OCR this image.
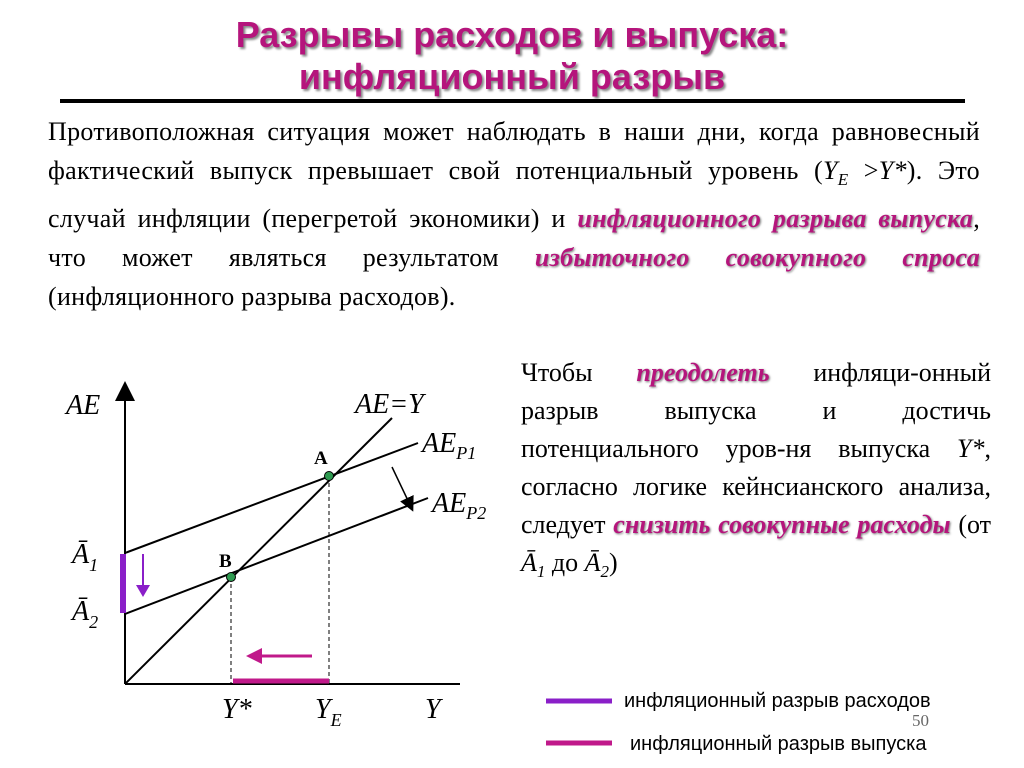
Разрывы расходов и выпуска:
инфляционный разрыв
Противоположная ситуация может наблюдать в наши дни, когда равновесный фактический выпуск превышает свой потенциальный уровень $(Y_E >Y*)$. Это случай инфляции (перегретой экономики) и инфляционного разрыва выпуска, что может являться результатом избыточного совокупного спроса (инфляционного разрыва расходов).
Чтобы преодолеть инфляци-онный разрыв выпуска и достичь потенциального уров-ня выпуска Y*, согласно логике кейнсианского анализа, следует снизить совокупные расходы (от $Ā_1$ до $Ā_2$)
AE	AE=Y
$AE_{P1}$
$AE_{P2}$
$Ā_1$
$Ā_2$
Y* $Y_E$	Y
A
B
инфляционный разрыв расходов
инфляционный разрыв выпуска
50
